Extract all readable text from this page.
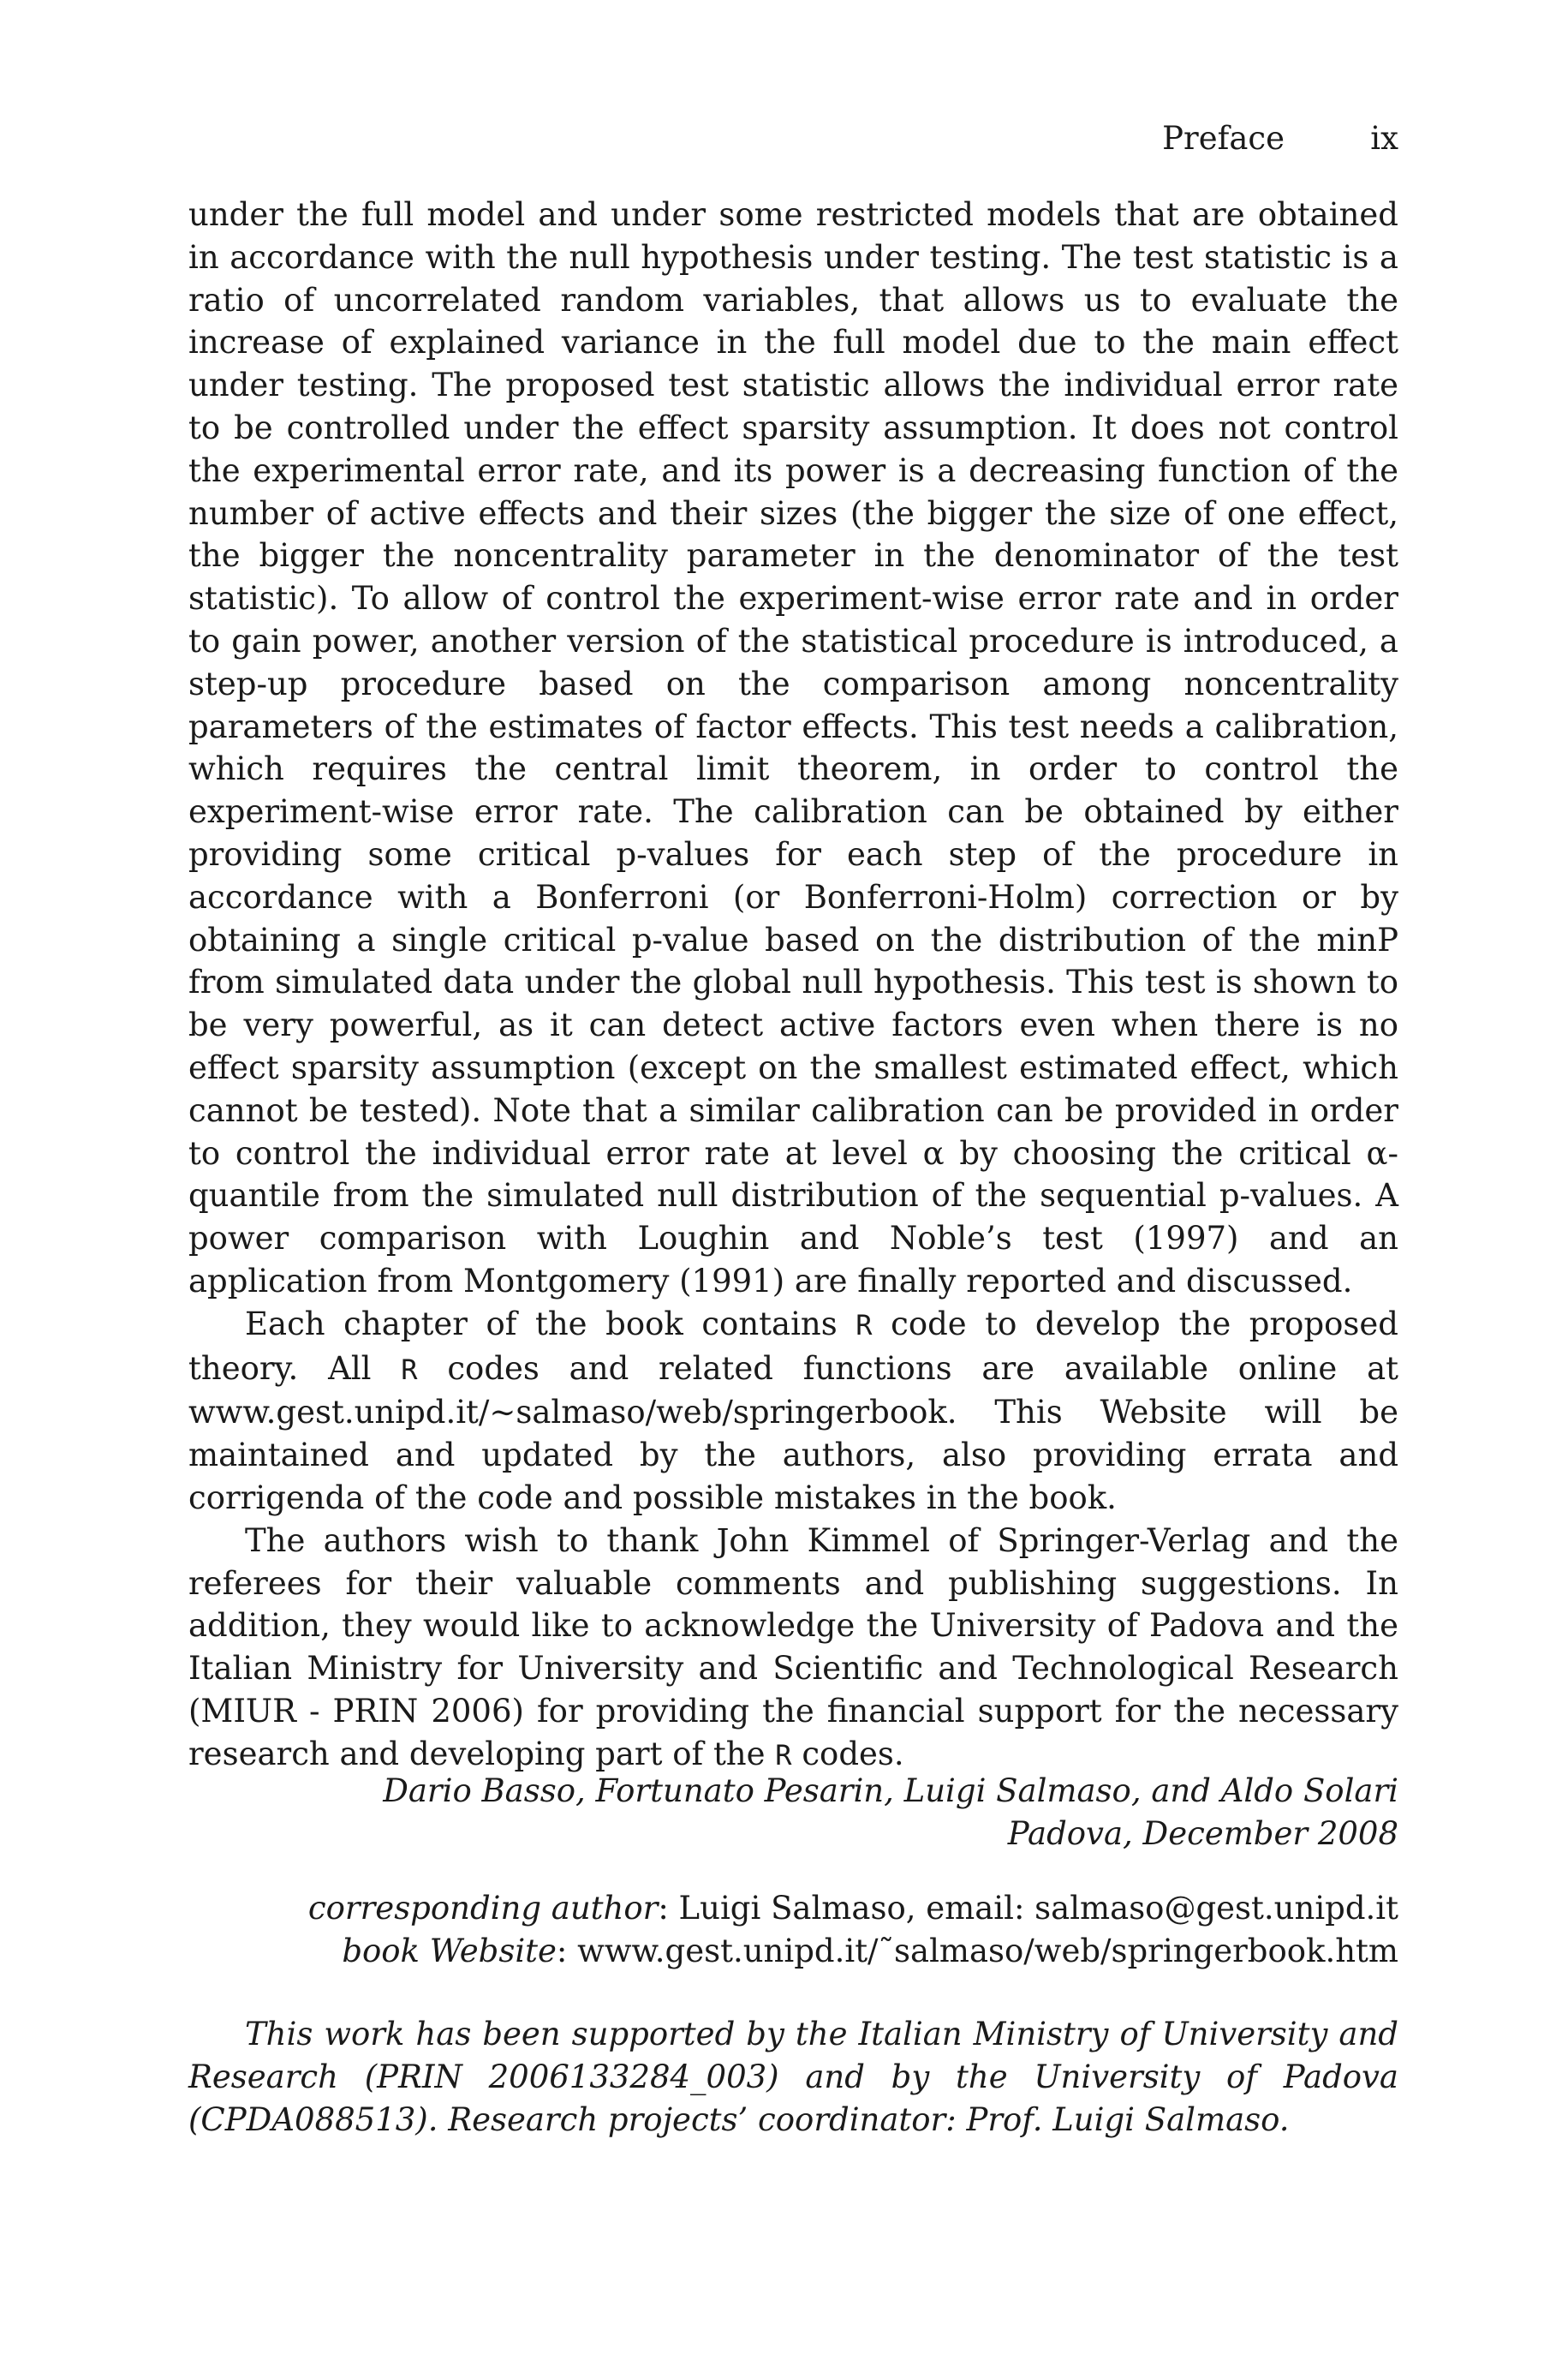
Preface	ix

under the full model and under some restricted models that are obtained in accordance with the null hypothesis under testing. The test statistic is a ratio of uncorrelated random variables, that allows us to evaluate the increase of explained variance in the full model due to the main effect under testing. The proposed test statistic allows the individual error rate to be controlled under the effect sparsity assumption. It does not control the experimental error rate, and its power is a decreasing function of the number of active effects and their sizes (the bigger the size of one effect, the bigger the noncentrality parameter in the denominator of the test statistic). To allow of control the experiment-wise error rate and in order to gain power, another version of the statistical procedure is introduced, a step-up procedure based on the comparison among noncentrality parameters of the estimates of factor effects. This test needs a calibration, which requires the central limit theorem, in order to control the experiment-wise error rate. The calibration can be obtained by either providing some critical p-values for each step of the procedure in accordance with a Bonferroni (or Bonferroni-Holm) correction or by obtaining a single critical p-value based on the distribution of the minP from simulated data under the global null hypothesis. This test is shown to be very powerful, as it can detect active factors even when there is no effect sparsity assumption (except on the smallest estimated effect, which cannot be tested). Note that a similar calibration can be provided in order to control the individual error rate at level α by choosing the critical α-quantile from the simulated null distribution of the sequential p-values. A power comparison with Loughin and Noble’s test (1997) and an application from Montgomery (1991) are finally reported and discussed.

Each chapter of the book contains R code to develop the proposed theory. All R codes and related functions are available online at www.gest.unipd.it/∼salmaso/web/springerbook. This Website will be maintained and updated by the authors, also providing errata and corrigenda of the code and possible mistakes in the book.

The authors wish to thank John Kimmel of Springer-Verlag and the referees for their valuable comments and publishing suggestions. In addition, they would like to acknowledge the University of Padova and the Italian Ministry for University and Scientific and Technological Research (MIUR - PRIN 2006) for providing the financial support for the necessary research and developing part of the R codes.

Dario Basso, Fortunato Pesarin, Luigi Salmaso, and Aldo Solari
Padova, December 2008
corresponding author: Luigi Salmaso, email: salmaso@gest.unipd.it
book Website: www.gest.unipd.it/˜salmaso/web/springerbook.htm

This work has been supported by the Italian Ministry of University and Research (PRIN 2006133284_003) and by the University of Padova (CPDA088513). Research projects’ coordinator: Prof. Luigi Salmaso.
